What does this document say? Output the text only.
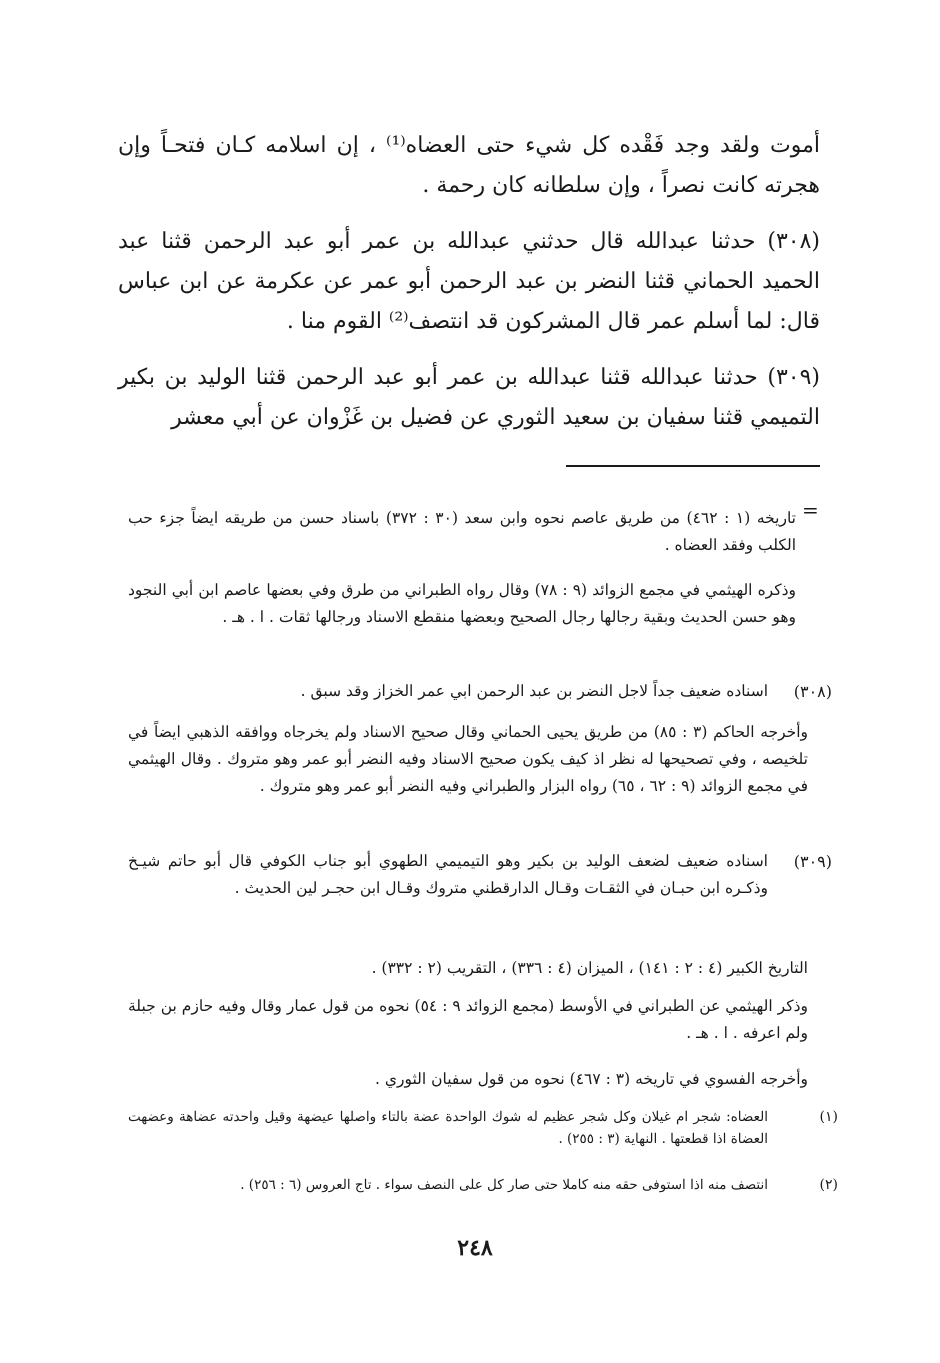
أموت ولقد وجد فَقْده كل شيء حتى العضاه⁽¹⁾ ، إن اسلامه كـان فتحـاً وإن هجرته كانت نصراً ، وإن سلطانه كان رحمة .

(٣٠٨) حدثنا عبدالله قال حدثني عبدالله بن عمر أبو عبد الرحمن قثنا عبد الحميد الحماني قثنا النضر بن عبد الرحمن أبو عمر عن عكرمة عن ابن عباس قال: لما أسلم عمر قال المشركون قد انتصف⁽²⁾ القوم منا .

(٣٠٩) حدثنا عبدالله قثنا عبدالله بن عمر أبو عبد الرحمن قثنا الوليد بن بكير التميمي قثنا سفيان بن سعيد الثوري عن فضيل بن غَزْوان عن أبي معشر

=

تاريخه (١ : ٤٦٢) من طريق عاصم نحوه وابن سعد (٣٠ : ٣٧٢) باسناد حسن من طريقه ايضاً جزء حب الكلب وفقد العضاه .

وذكره الهيثمي في مجمع الزوائد (٩ : ٧٨) وقال رواه الطبراني من طرق وفي بعضها عاصم ابن أبي النجود وهو حسن الحديث وبقية رجالها رجال الصحيح وبعضها منقطع الاسناد ورجالها ثقات . ا . هـ .

(٣٠٨)

اسناده ضعيف جداً لاجل النضر بن عبد الرحمن ابي عمر الخزاز وقد سبق .

وأخرجه الحاكم (٣ : ٨٥) من طريق يحيى الحماني وقال صحيح الاسناد ولم يخرجاه ووافقه الذهبي ايضاً في تلخيصه ، وفي تصحيحها له نظر اذ كيف يكون صحيح الاسناد وفيه النضر أبو عمر وهو متروك . وقال الهيثمي في مجمع الزوائد (٩ : ٦٢ ، ٦٥) رواه البزار والطبراني وفيه النضر أبو عمر وهو متروك .

(٣٠٩)

اسناده ضعيف لضعف الوليد بن بكير وهو التيميمي الطهوي أبو جناب الكوفي قال أبو حاتم شيـخ وذكـره ابن حبـان في الثقـات وقـال الدارقطني متروك وقـال ابن حجـر لين الحديث .

التاريخ الكبير (٤ : ٢ : ١٤١) ، الميزان (٤ : ٣٣٦) ، التقريب (٢ : ٣٣٢) .

وذكر الهيثمي عن الطبراني في الأوسط (مجمع الزوائد ٩ : ٥٤) نحوه من قول عمار وقال وفيه حازم بن جبلة ولم اعرفه . ا . هـ .

وأخرجه الفسوي في تاريخه (٣ : ٤٦٧) نحوه من قول سفيان الثوري .

(١)

العضاه: شجر ام غيلان وكل شجر عظيم له شوك الواحدة عضة بالتاء واصلها عيضهة وقيل واحدته عضاهة وعضهت العضاة اذا قطعتها . النهاية (٣ : ٢٥٥) .

(٢)

انتصف منه اذا استوفى حقه منه كاملا حتى صار كل على النصف سواء . تاج العروس (٦ : ٢٥٦) .

٢٤٨
